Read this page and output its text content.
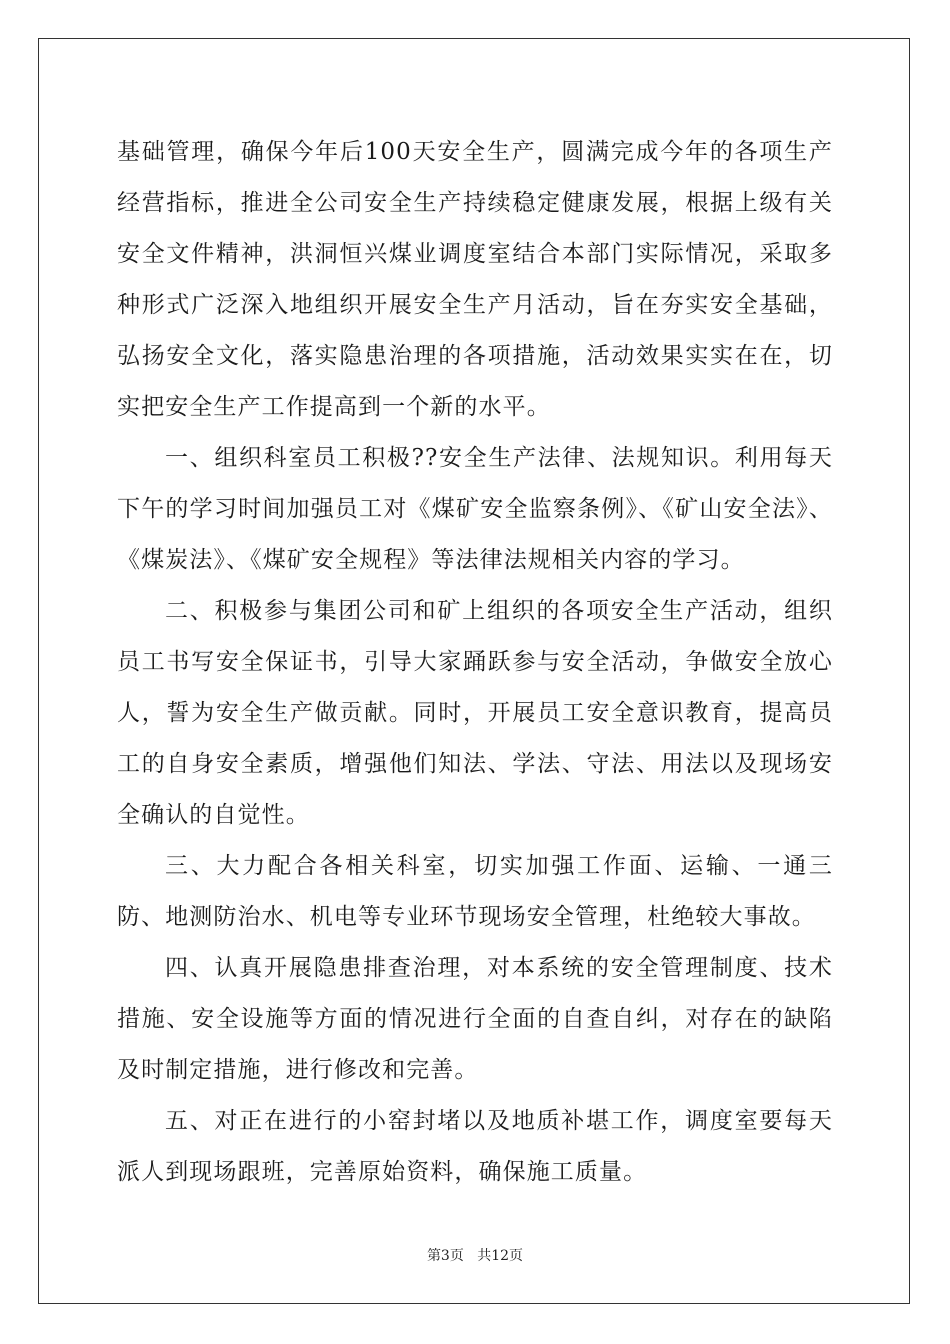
基础管理，确保今年后100天安全生产，圆满完成今年的各项生产经营指标，推进全公司安全生产持续稳定健康发展，根据上级有关安全文件精神，洪洞恒兴煤业调度室结合本部门实际情况，采取多种形式广泛深入地组织开展安全生产月活动，旨在夯实安全基础，弘扬安全文化，落实隐患治理的各项措施，活动效果实实在在，切实把安全生产工作提高到一个新的水平。

一、组织科室员工积极??安全生产法律、法规知识。利用每天下午的学习时间加强员工对《煤矿安全监察条例》、《矿山安全法》、《煤炭法》、《煤矿安全规程》等法律法规相关内容的学习。

二、积极参与集团公司和矿上组织的各项安全生产活动，组织员工书写安全保证书，引导大家踊跃参与安全活动，争做安全放心人，誓为安全生产做贡献。同时，开展员工安全意识教育，提高员工的自身安全素质，增强他们知法、学法、守法、用法以及现场安全确认的自觉性。

三、大力配合各相关科室，切实加强工作面、运输、一通三防、地测防治水、机电等专业环节现场安全管理，杜绝较大事故。

四、认真开展隐患排查治理，对本系统的安全管理制度、技术措施、安全设施等方面的情况进行全面的自查自纠，对存在的缺陷及时制定措施，进行修改和完善。

五、对正在进行的小窑封堵以及地质补堪工作，调度室要每天派人到现场跟班，完善原始资料，确保施工质量。

第3页 共12页
